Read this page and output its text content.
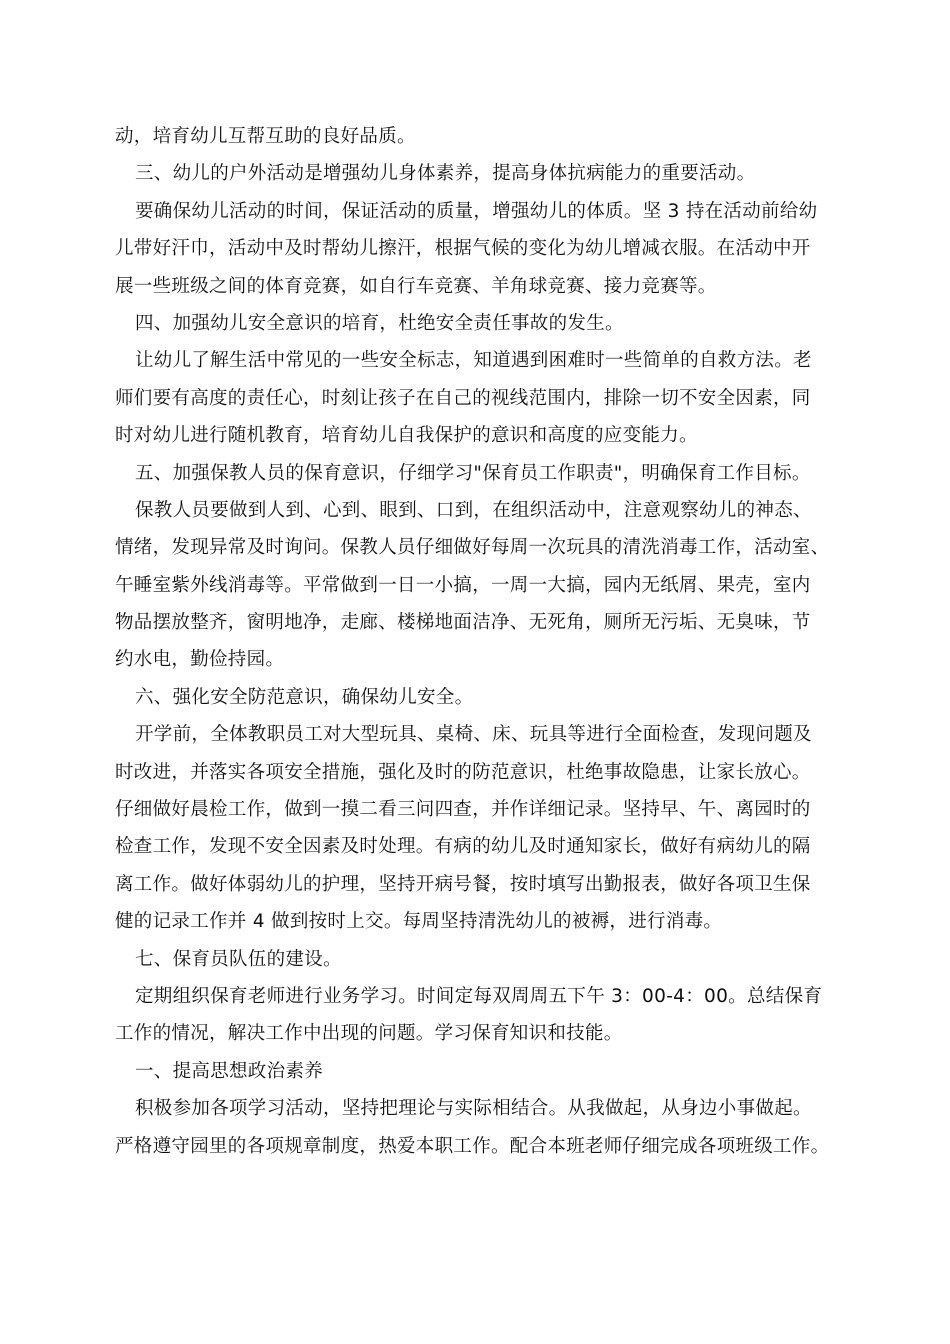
动，培育幼儿互帮互助的良好品质。
三、幼儿的户外活动是增强幼儿身体素养，提高身体抗病能力的重要活动。
要确保幼儿活动的时间，保证活动的质量，增强幼儿的体质。坚 3 持在活动前给幼
儿带好汗巾，活动中及时帮幼儿擦汗，根据气候的变化为幼儿增减衣服。在活动中开
展一些班级之间的体育竞赛，如自行车竞赛、羊角球竞赛、接力竞赛等。
四、加强幼儿安全意识的培育，杜绝安全责任事故的发生。
让幼儿了解生活中常见的一些安全标志，知道遇到困难时一些简单的自救方法。老
师们要有高度的责任心，时刻让孩子在自己的视线范围内，排除一切不安全因素，同
时对幼儿进行随机教育，培育幼儿自我保护的意识和高度的应变能力。
五、加强保教人员的保育意识，仔细学习"保育员工作职责"，明确保育工作目标。
保教人员要做到人到、心到、眼到、口到，在组织活动中，注意观察幼儿的神态、
情绪，发现异常及时询问。保教人员仔细做好每周一次玩具的清洗消毒工作，活动室、
午睡室紫外线消毒等。平常做到一日一小搞，一周一大搞，园内无纸屑、果壳，室内
物品摆放整齐，窗明地净，走廊、楼梯地面洁净、无死角，厕所无污垢、无臭味，节
约水电，勤俭持园。
六、强化安全防范意识，确保幼儿安全。
开学前，全体教职员工对大型玩具、桌椅、床、玩具等进行全面检查，发现问题及
时改进，并落实各项安全措施，强化及时的防范意识，杜绝事故隐患，让家长放心。
仔细做好晨检工作，做到一摸二看三问四查，并作详细记录。坚持早、午、离园时的
检查工作，发现不安全因素及时处理。有病的幼儿及时通知家长，做好有病幼儿的隔
离工作。做好体弱幼儿的护理，坚持开病号餐，按时填写出勤报表，做好各项卫生保
健的记录工作并 4 做到按时上交。每周坚持清洗幼儿的被褥，进行消毒。
七、保育员队伍的建设。
定期组织保育老师进行业务学习。时间定每双周周五下午 3：00-4：00。总结保育
工作的情况，解决工作中出现的问题。学习保育知识和技能。
一、提高思想政治素养
积极参加各项学习活动，坚持把理论与实际相结合。从我做起，从身边小事做起。
严格遵守园里的各项规章制度，热爱本职工作。配合本班老师仔细完成各项班级工作。
